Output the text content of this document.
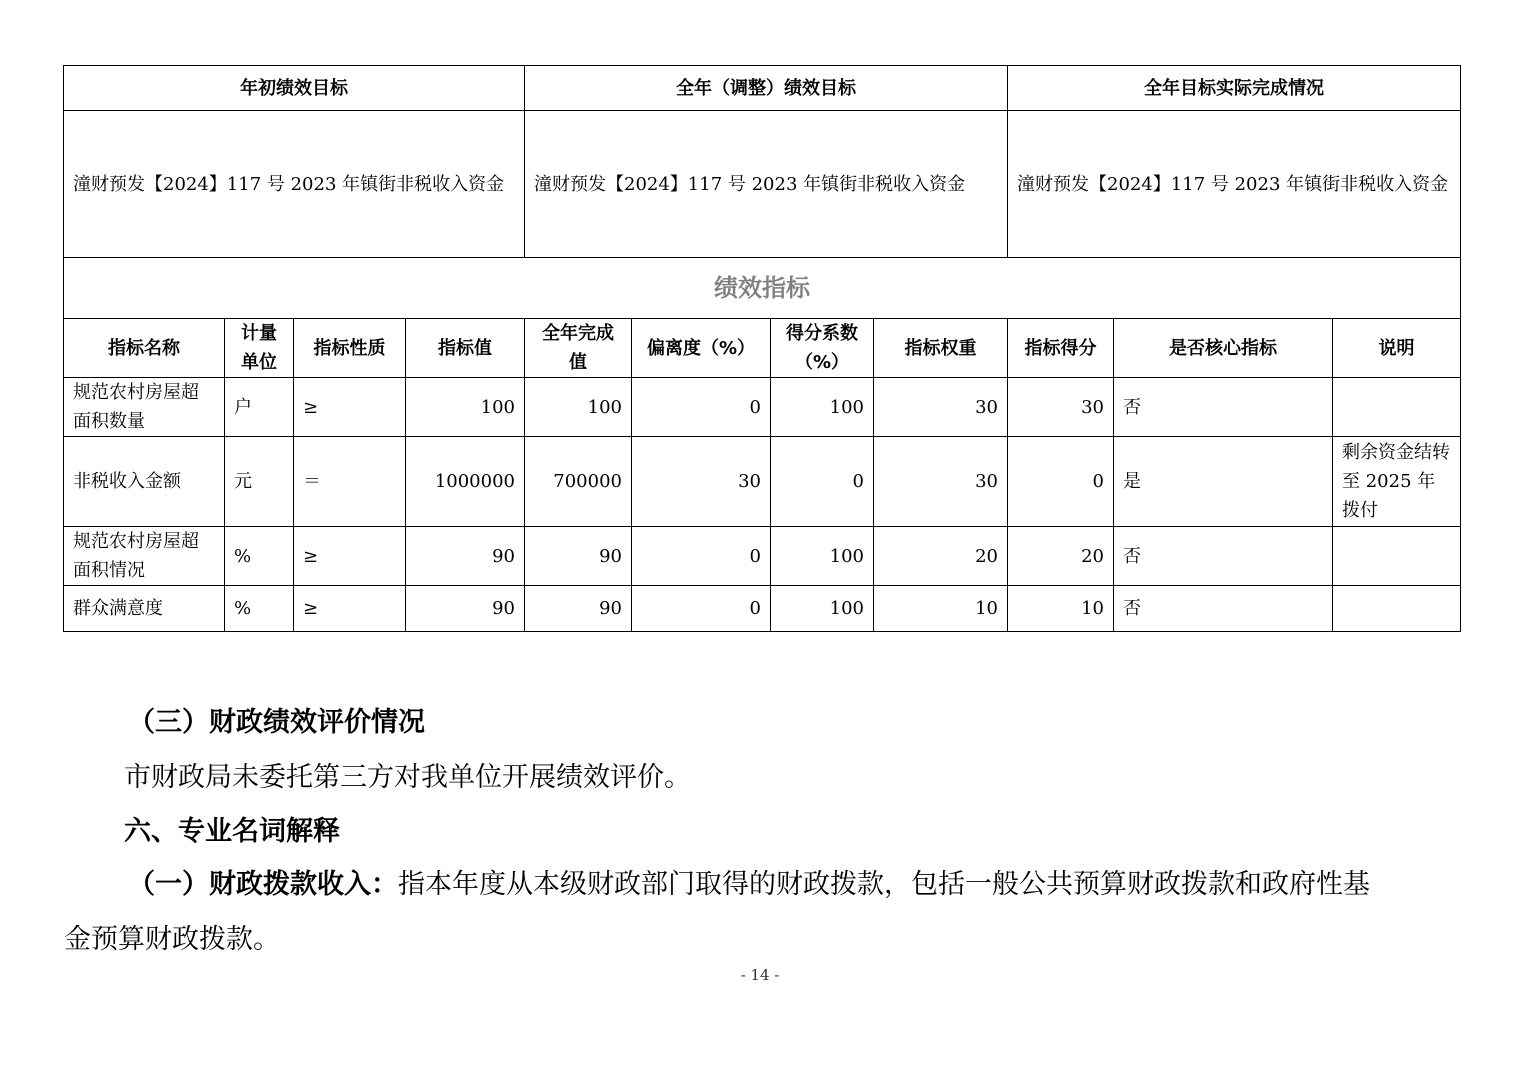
年初绩效目标				全年（调整）绩效目标				全年目标实际完成情况		
潼财预发【2024】117 号 2023 年镇街非税收入资金				潼财预发【2024】117 号 2023 年镇街非税收入资金				潼财预发【2024】117 号 2023 年镇街非税收入资金		
绩效指标										
指标名称	计量单位	指标性质	指标值	全年完成值	偏离度（%）	得分系数（%）	指标权重	指标得分	是否核心指标	说明
规范农村房屋超面积数量	户	≥	100	100	0	100	30	30	否	
非税收入金额	元	＝	1000000	700000	30	0	30	0	是	剩余资金结转至 2025 年拨付
规范农村房屋超面积情况	%	≥	90	90	0	100	20	20	否	
群众满意度	%	≥	90	90	0	100	10	10	否	
（三）财政绩效评价情况
市财政局未委托第三方对我单位开展绩效评价。
六、专业名词解释
（一）财政拨款收入：指本年度从本级财政部门取得的财政拨款，包括一般公共预算财政拨款和政府性基
金预算财政拨款。
- 14 -
